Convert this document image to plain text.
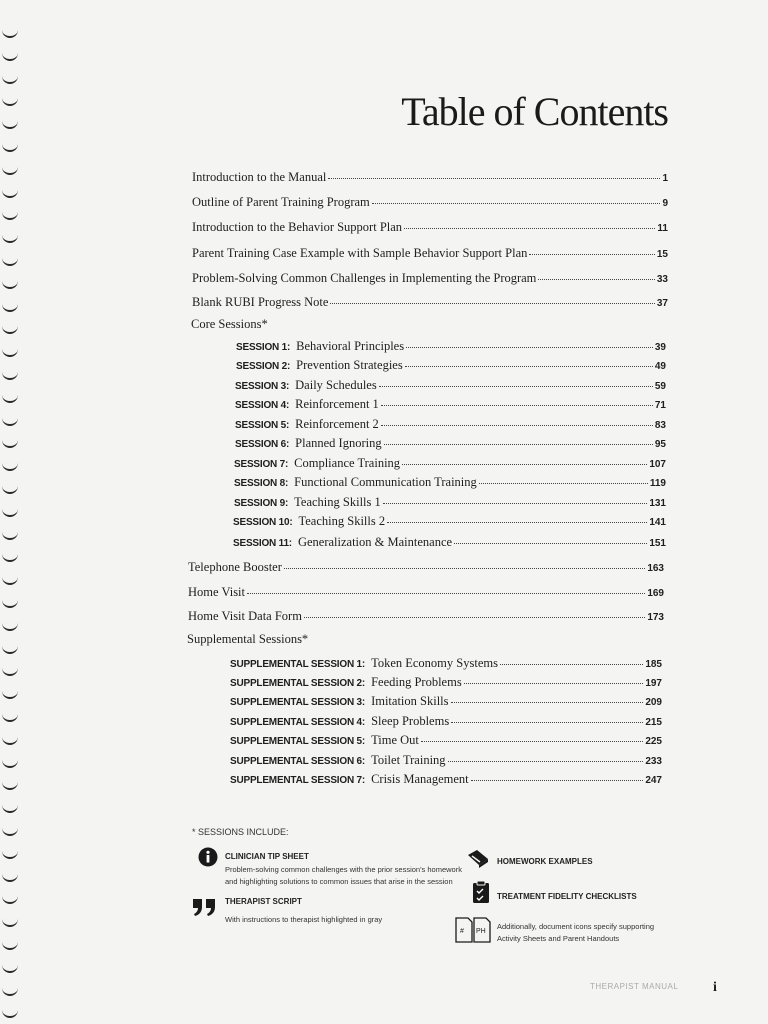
Table of Contents
Introduction to the Manual	1
Outline of Parent Training Program	9
Introduction to the Behavior Support Plan	11
Parent Training Case Example with Sample Behavior Support Plan	15
Problem-Solving Common Challenges in Implementing the Program	33
Blank RUBI Progress Note	37
Core Sessions*
SESSION 1: Behavioral Principles	39
SESSION 2: Prevention Strategies	49
SESSION 3: Daily Schedules	59
SESSION 4: Reinforcement 1	71
SESSION 5: Reinforcement 2	83
SESSION 6: Planned Ignoring	95
SESSION 7: Compliance Training	107
SESSION 8: Functional Communication Training	119
SESSION 9: Teaching Skills 1	131
SESSION 10: Teaching Skills 2	141
SESSION 11: Generalization & Maintenance	151
Telephone Booster	163
Home Visit	169
Home Visit Data Form	173
Supplemental Sessions*
SUPPLEMENTAL SESSION 1: Token Economy Systems	185
SUPPLEMENTAL SESSION 2: Feeding Problems	197
SUPPLEMENTAL SESSION 3: Imitation Skills	209
SUPPLEMENTAL SESSION 4: Sleep Problems	215
SUPPLEMENTAL SESSION 5: Time Out	225
SUPPLEMENTAL SESSION 6: Toilet Training	233
SUPPLEMENTAL SESSION 7: Crisis Management	247
* SESSIONS INCLUDE:
CLINICIAN TIP SHEET
Problem-solving common challenges with the prior session's homework
and highlighting solutions to common issues that arise in the session
THERAPIST SCRIPT
With instructions to therapist highlighted in gray
HOMEWORK EXAMPLES
TREATMENT FIDELITY CHECKLISTS
# PH
Additionally, document icons specify supporting
Activity Sheets and Parent Handouts
THERAPIST MANUAL i
